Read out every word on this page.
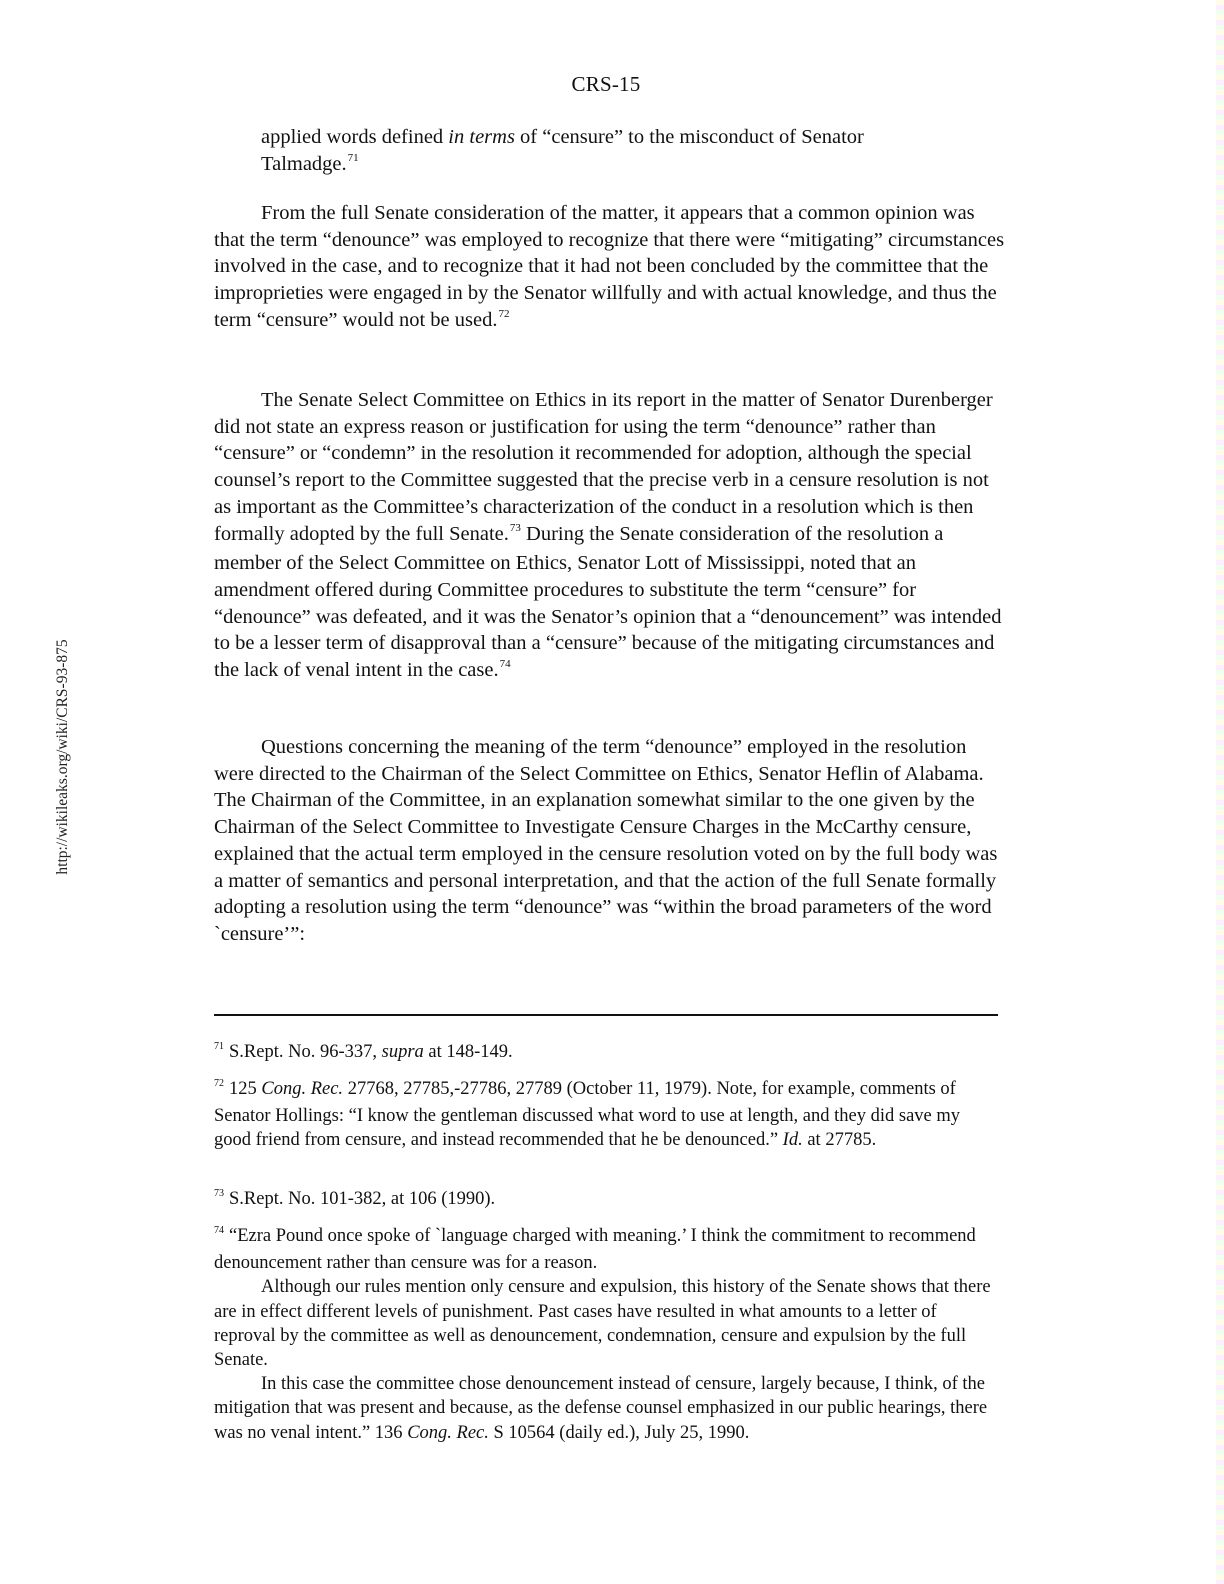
CRS-15
http://wikileaks.org/wiki/CRS-93-875

applied words defined in terms of “censure” to the misconduct of Senator Talmadge.$^{71}$

From the full Senate consideration of the matter, it appears that a common opinion was that the term “denounce” was employed to recognize that there were “mitigating” circumstances involved in the case, and to recognize that it had not been concluded by the committee that the improprieties were engaged in by the Senator willfully and with actual knowledge, and thus the term “censure” would not be used.$^{72}$

The Senate Select Committee on Ethics in its report in the matter of Senator Durenberger did not state an express reason or justification for using the term “denounce” rather than “censure” or “condemn” in the resolution it recommended for adoption, although the special counsel’s report to the Committee suggested that the precise verb in a censure resolution is not as important as the Committee’s characterization of the conduct in a resolution which is then formally adopted by the full Senate.$^{73}$ During the Senate consideration of the resolution a member of the Select Committee on Ethics, Senator Lott of Mississippi, noted that an amendment offered during Committee procedures to substitute the term “censure” for “denounce” was defeated, and it was the Senator’s opinion that a “denouncement” was intended to be a lesser term of disapproval than a “censure” because of the mitigating circumstances and the lack of venal intent in the case.$^{74}$

Questions concerning the meaning of the term “denounce” employed in the resolution were directed to the Chairman of the Select Committee on Ethics, Senator Heflin of Alabama. The Chairman of the Committee, in an explanation somewhat similar to the one given by the Chairman of the Select Committee to Investigate Censure Charges in the McCarthy censure, explained that the actual term employed in the censure resolution voted on by the full body was a matter of semantics and personal interpretation, and that the action of the full Senate formally adopting a resolution using the term “denounce” was “within the broad parameters of the word `censure’”:

$^{71}$ S.Rept. No. 96-337, supra at 148-149.

$^{72}$ 125 Cong. Rec. 27768, 27785,-27786, 27789 (October 11, 1979). Note, for example, comments of Senator Hollings: “I know the gentleman discussed what word to use at length, and they did save my good friend from censure, and instead recommended that he be denounced.” Id. at 27785.

$^{73}$ S.Rept. No. 101-382, at 106 (1990).

$^{74}$ “Ezra Pound once spoke of `language charged with meaning.’ I think the commitment to recommend denouncement rather than censure was for a reason.

Although our rules mention only censure and expulsion, this history of the Senate shows that there are in effect different levels of punishment. Past cases have resulted in what amounts to a letter of reproval by the committee as well as denouncement, condemnation, censure and expulsion by the full Senate.

In this case the committee chose denouncement instead of censure, largely because, I think, of the mitigation that was present and because, as the defense counsel emphasized in our public hearings, there was no venal intent.” 136 Cong. Rec. S 10564 (daily ed.), July 25, 1990.
